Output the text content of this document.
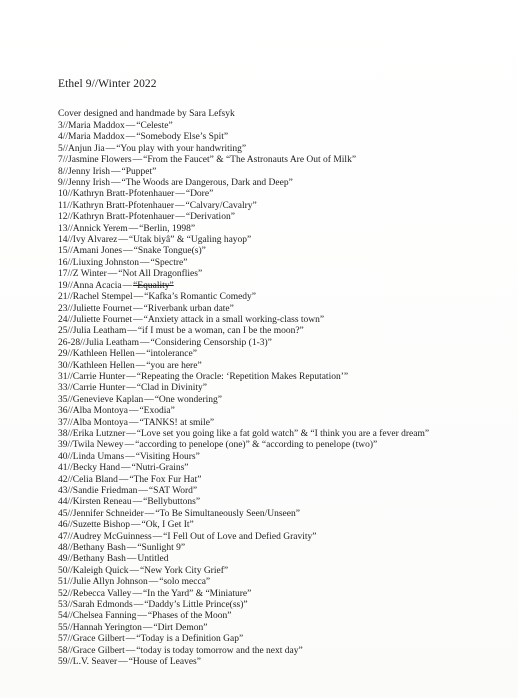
Ethel 9//Winter 2022
Cover designed and handmade by Sara Lefsyk
3//Maria Maddox—“Celeste”
4//Maria Maddox—“Somebody Else’s Spit”
5//Anjun Jia—“You play with your handwriting”
7//Jasmine Flowers—“From the Faucet” & “The Astronauts Are Out of Milk”
8//Jenny Irish—“Puppet”
9//Jenny Irish—“The Woods are Dangerous, Dark and Deep”
10//Kathryn Bratt-Pfotenhauer—“Dore”
11//Kathryn Bratt-Pfotenhauer—“Calvary/Cavalry”
12//Kathryn Bratt-Pfotenhauer—“Derivation”
13//Annick Yerem—“Berlin, 1998”
14//Ivy Alvarez—“Utak biyâ” & “Ugaling hayop”
15//Amani Jones—“Snake Tongue(s)”
16//Liuxing Johnston—“Spectre”
17//Z Winter—“Not All Dragonflies”
19//Anna Acacia—“Equality”
21//Rachel Stempel—“Kafka’s Romantic Comedy”
23//Juliette Fournet—“Riverbank urban date”
24//Juliette Fournet—“Anxiety attack in a small working-class town”
25//Julia Leatham—“if I must be a woman, can I be the moon?”
26-28//Julia Leatham—“Considering Censorship (1-3)”
29//Kathleen Hellen—“intolerance”
30//Kathleen Hellen—“you are here”
31//Carrie Hunter—“Repeating the Oracle: ‘Repetition Makes Reputation’”
33//Carrie Hunter—“Clad in Divinity”
35//Genevieve Kaplan—“One wondering”
36//Alba Montoya—“Exodia”
37//Alba Montoya—“TANKS! at smile”
38//Erika Lutzner—“Love set you going like a fat gold watch” & “I think you are a fever dream”
39//Twila Newey—“according to penelope (one)” & “according to penelope (two)”
40//Linda Umans—“Visiting Hours”
41//Becky Hand—“Nutri-Grains”
42//Celia Bland—“The Fox Fur Hat”
43//Sandie Friedman—“SAT Word”
44//Kirsten Reneau—“Bellybuttons”
45//Jennifer Schneider—“To Be Simultaneously Seen/Unseen”
46//Suzette Bishop—“Ok, I Get It”
47//Audrey McGuinness—“I Fell Out of Love and Defied Gravity”
48//Bethany Bash—“Sunlight 9”
49//Bethany Bash—Untitled
50//Kaleigh Quick—“New York City Grief”
51//Julie Allyn Johnson—“solo mecca”
52//Rebecca Valley—“In the Yard” & “Miniature”
53//Sarah Edmonds—“Daddy’s Little Prince(ss)”
54//Chelsea Fanning—“Phases of the Moon”
55//Hannah Yerington—“Dirt Demon”
57//Grace Gilbert—“Today is a Definition Gap”
58//Grace Gilbert—“today is today tomorrow and the next day”
59//L.V. Seaver—“House of Leaves”
